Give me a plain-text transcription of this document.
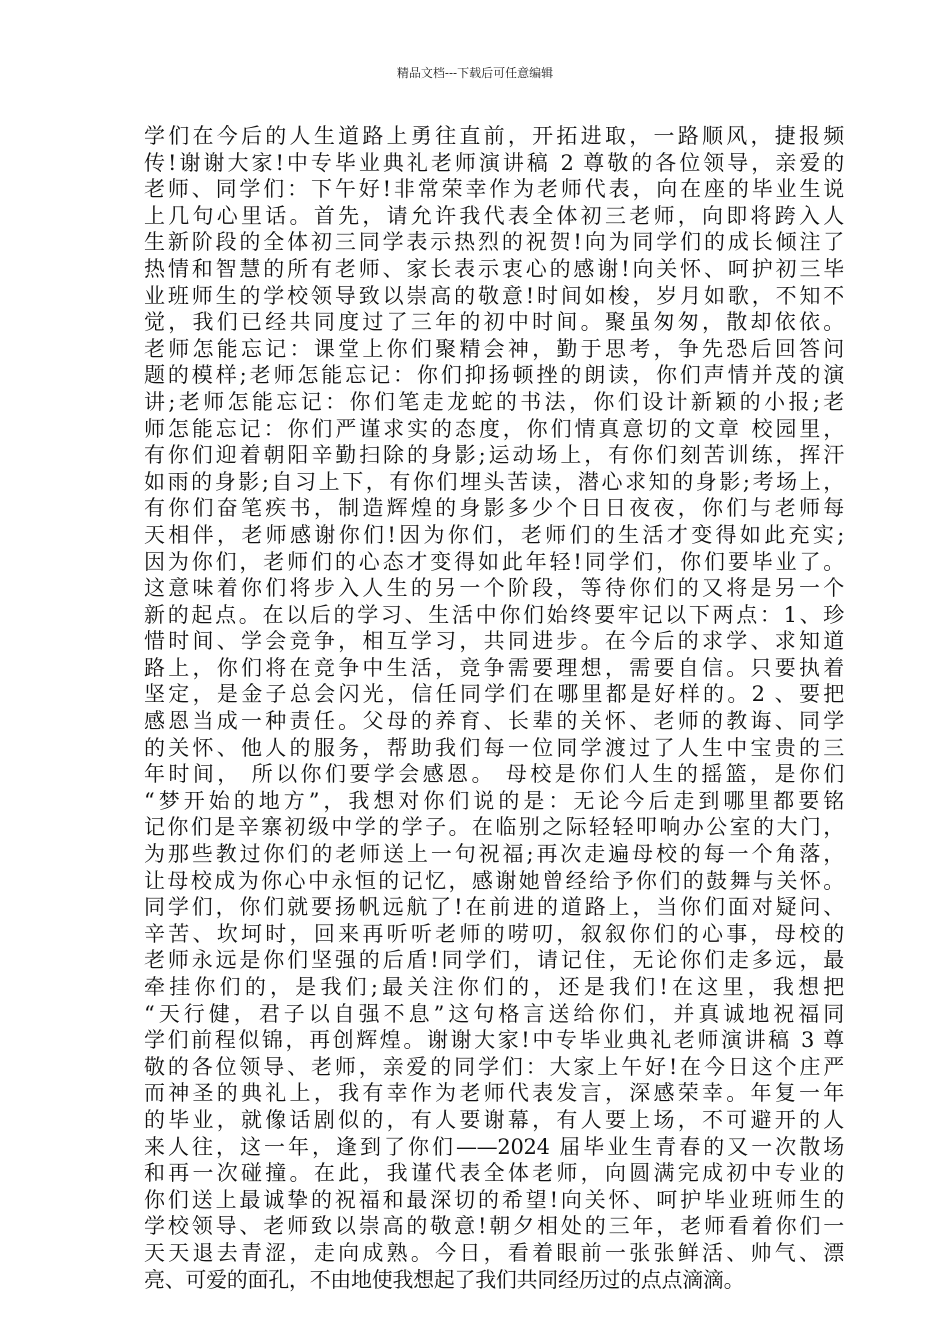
精品文档---下载后可任意编辑
学们在今后的人生道路上勇往直前，开拓进取，一路顺风，捷报频
传!谢谢大家!中专毕业典礼老师演讲稿 2 尊敬的各位领导，亲爱的
老师、同学们：下午好!非常荣幸作为老师代表，向在座的毕业生说
上几句心里话。首先，请允许我代表全体初三老师，向即将跨入人
生新阶段的全体初三同学表示热烈的祝贺!向为同学们的成长倾注了
热情和智慧的所有老师、家长表示衷心的感谢!向关怀、呵护初三毕
业班师生的学校领导致以崇高的敬意!时间如梭，岁月如歌，不知不
觉，我们已经共同度过了三年的初中时间。聚虽匆匆，散却依依。
老师怎能忘记：课堂上你们聚精会神，勤于思考，争先恐后回答问
题的模样;老师怎能忘记：你们抑扬顿挫的朗读，你们声情并茂的演
讲;老师怎能忘记：你们笔走龙蛇的书法，你们设计新颖的小报;老
师怎能忘记：你们严谨求实的态度，你们情真意切的文章 校园里，
有你们迎着朝阳辛勤扫除的身影;运动场上，有你们刻苦训练，挥汗
如雨的身影;自习上下，有你们埋头苦读，潜心求知的身影;考场上，
有你们奋笔疾书，制造辉煌的身影多少个日日夜夜，你们与老师每
天相伴，老师感谢你们!因为你们，老师们的生活才变得如此充实;
因为你们，老师们的心态才变得如此年轻!同学们，你们要毕业了。
这意味着你们将步入人生的另一个阶段，等待你们的又将是另一个
新的起点。在以后的学习、生活中你们始终要牢记以下两点：1、珍
惜时间、学会竞争，相互学习，共同进步。在今后的求学、求知道
路上，你们将在竞争中生活，竞争需要理想，需要自信。只要执着
坚定，是金子总会闪光，信任同学们在哪里都是好样的。2 、要把
感恩当成一种责任。父母的养育、长辈的关怀、老师的教诲、同学
的关怀、他人的服务，帮助我们每一位同学渡过了人生中宝贵的三
年时间， 所以你们要学会感恩。 母校是你们人生的摇篮，是你们
“梦开始的地方”，我想对你们说的是：无论今后走到哪里都要铭
记你们是辛寨初级中学的学子。在临别之际轻轻叩响办公室的大门，
为那些教过你们的老师送上一句祝福;再次走遍母校的每一个角落，
让母校成为你心中永恒的记忆，感谢她曾经给予你们的鼓舞与关怀。
同学们，你们就要扬帆远航了!在前进的道路上，当你们面对疑问、
辛苦、坎坷时，回来再听听老师的唠叨，叙叙你们的心事，母校的
老师永远是你们坚强的后盾!同学们，请记住，无论你们走多远，最
牵挂你们的，是我们;最关注你们的，还是我们!在这里，我想把
“天行健，君子以自强不息”这句格言送给你们，并真诚地祝福同
学们前程似锦，再创辉煌。谢谢大家!中专毕业典礼老师演讲稿 3 尊
敬的各位领导、老师，亲爱的同学们：大家上午好!在今日这个庄严
而神圣的典礼上，我有幸作为老师代表发言，深感荣幸。年复一年
的毕业，就像话剧似的，有人要谢幕，有人要上场，不可避开的人
来人往，这一年，逢到了你们——2024 届毕业生青春的又一次散场
和再一次碰撞。在此，我谨代表全体老师，向圆满完成初中专业的
你们送上最诚挚的祝福和最深切的希望!向关怀、呵护毕业班师生的
学校领导、老师致以崇高的敬意!朝夕相处的三年，老师看着你们一
天天退去青涩，走向成熟。今日，看着眼前一张张鲜活、帅气、漂
亮、可爱的面孔，不由地使我想起了我们共同经历过的点点滴滴。
